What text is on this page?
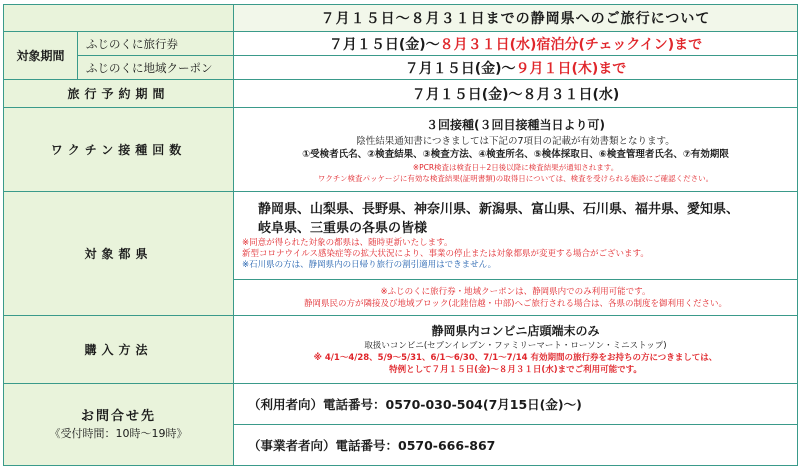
		７月１５日～８月３１日までの静岡県へのご旅行について
対象期間	ふじのくに旅行券	７月１５日(金)～８月３１日(水)宿泊分(チェックイン)まで
	ふじのくに地域クーポン	７月１５日(金)～９月１日(木)まで
旅行予約期間		７月１５日(金)～８月３１日(水)
ワクチン接種回数		３回接種(３回目接種当日より可)
陰性結果通知書につきましては下記の7項目の記載が有効書類となります。
①受検者氏名、②検査結果、③検査方法、④検査所名、⑤検体採取日、⑥検査管理者氏名、⑦有効期限
※PCR検査は検査日＋2日後以降に検査結果が通知されます。
ワクチン検査パッケージに有効な検査結果(証明書類)の取得日については、検査を受けられる施設にご確認ください。

対象都県		静岡県、山梨県、長野県、神奈川県、新潟県、富山県、石川県、福井県、愛知県、
岐阜県、三重県の各県の皆様
※同意が得られた対象の都県は、随時更新いたします。
新型コロナウイルス感染症等の拡大状況により、事業の停止または対象都県が変更する場合がございます。
※石川県の方は、静岡県内の日帰り旅行の割引適用はできません。

		※ふじのくに旅行券・地域クーポンは、静岡県内でのみ利用可能です。
静岡県民の方が隣接及び地域ブロック(北陸信越・中部)へご旅行される場合は、各県の制度を御利用ください。

購入方法		静岡県内コンビニ店頭端末のみ
取扱いコンビニ(セブンイレブン・ファミリーマート・ローソン・ミニストップ)
※ 4/1～4/28、5/9～5/31、6/1～6/30、7/1～7/14 有効期間の旅行券をお持ちの方につきましては、
特例として７月１５日(金)～８月３１日(水)までご利用可能です。

お問合せ先
《受付時間：10時～19時》		（利用者向）電話番号：0570-030-504(7月15日(金)～)
		（事業者者向）電話番号：0570-666-867
